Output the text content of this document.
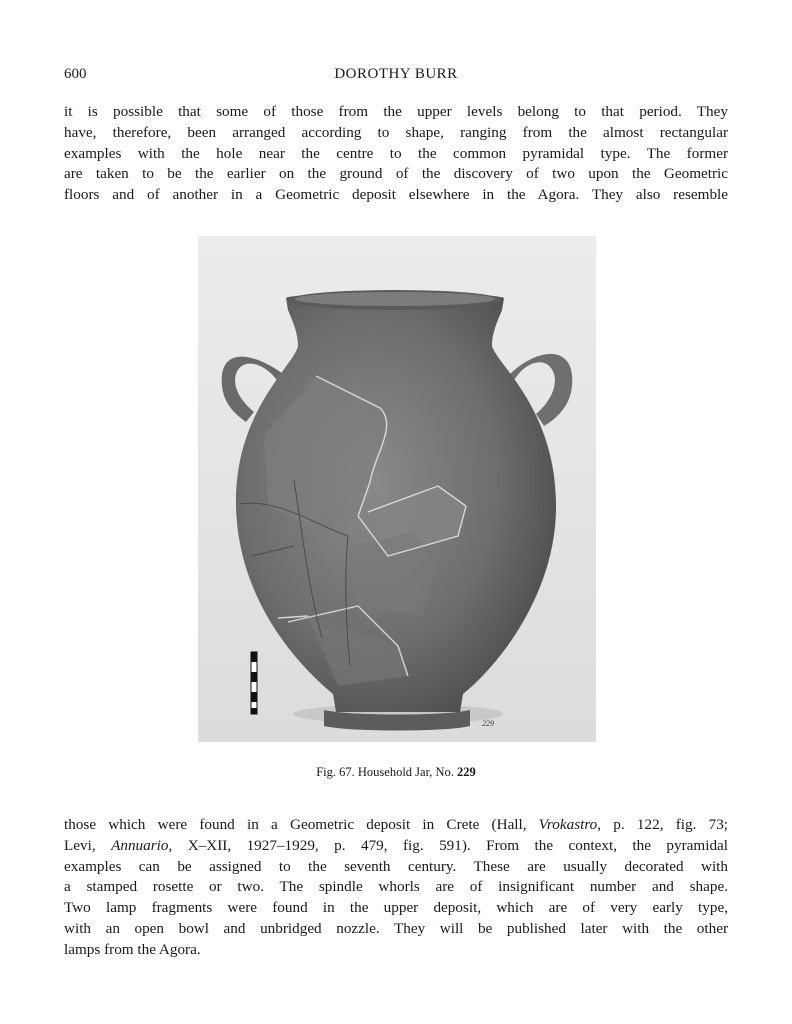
600	DOROTHY BURR
it is possible that some of those from the upper levels belong to that period. They
have, therefore, been arranged according to shape, ranging from the almost rectangular
examples with the hole near the centre to the common pyramidal type. The former
are taken to be the earlier on the ground of the discovery of two upon the Geometric
floors and of another in a Geometric deposit elsewhere in the Agora. They also resemble
229
Fig. 67. Household Jar, No. 229
those which were found in a Geometric deposit in Crete (Hall, Vrokastro, p. 122, fig. 73;
Levi, Annuario, X–XII, 1927–1929, p. 479, fig. 591). From the context, the pyramidal
examples can be assigned to the seventh century. These are usually decorated with
a stamped rosette or two. The spindle whorls are of insignificant number and shape.
Two lamp fragments were found in the upper deposit, which are of very early type,
with an open bowl and unbridged nozzle. They will be published later with the other
lamps from the Agora.
